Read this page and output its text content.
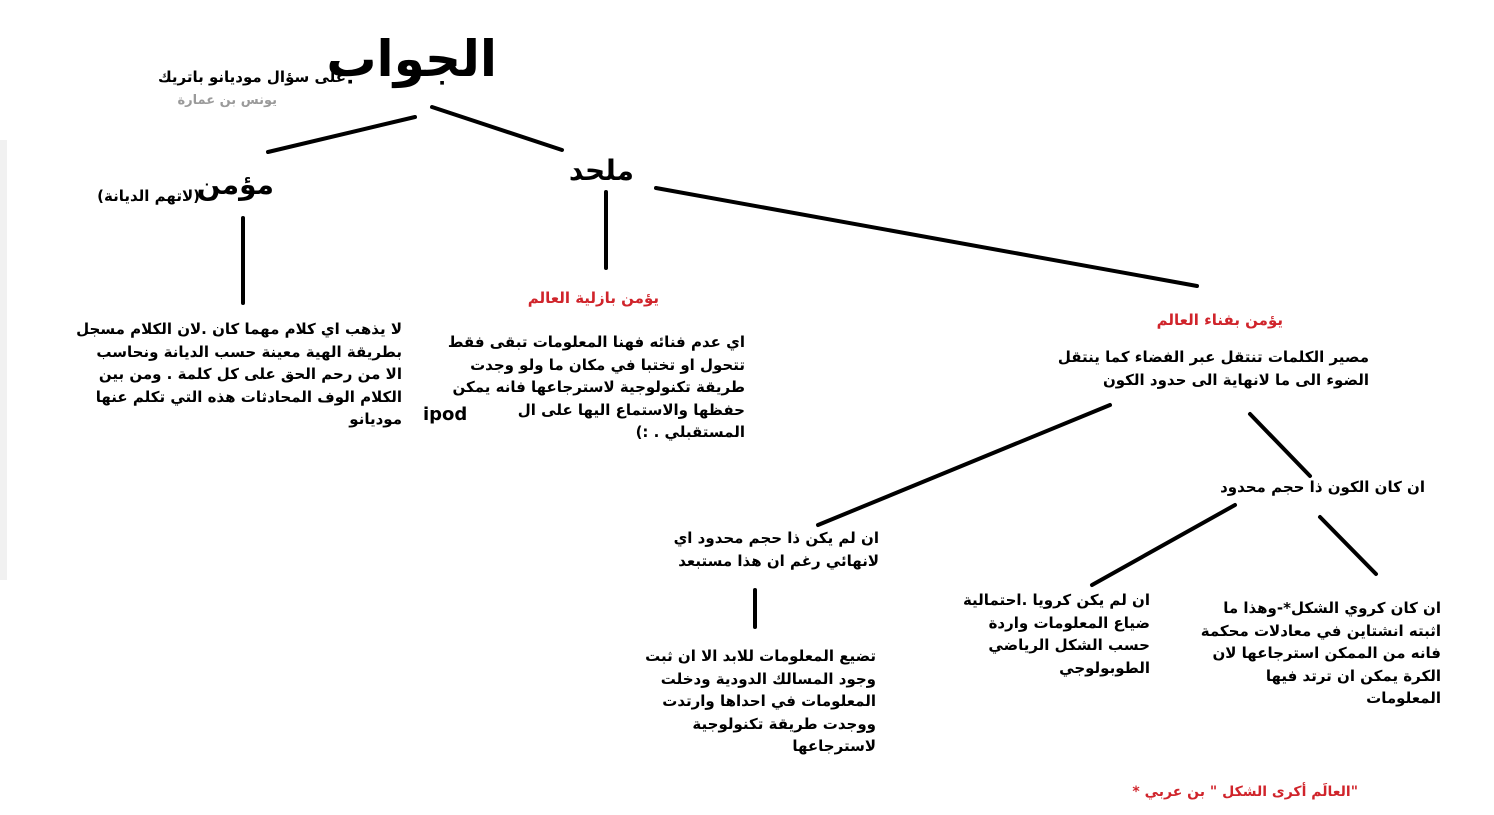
الجواب
على سؤال موديانو باتريك
يونس بن عمارة
مؤمن
(لاتهم الديانة)
ملحد
لا يذهب اي كلام مهما كان .لان الكلام مسجل
بطريقة الهية معينة حسب الديانة ونحاسب
الا من رحم الحق على كل كلمة . ومن بين
الكلام الوف المحادثات هذه التي تكلم عنها
موديانو
يؤمن بازلية العالم
اي عدم فنائه فهنا المعلومات تبقى فقط
تتحول او تختبا في مكان ما ولو وجدت
طريقة تكنولوجية لاسترجاعها فانه يمكن
حفظها والاستماع اليها على ال
المستقبلي . :)
ipod
يؤمن بفناء العالم
مصير الكلمات تنتقل عبر الفضاء كما ينتقل
الضوء الى ما لانهاية الى حدود الكون
ان كان الكون ذا حجم محدود
ان لم يكن ذا حجم محدود اي
لانهائي رغم ان هذا مستبعد
تضيع المعلومات للابد الا ان ثبت
وجود المسالك الدودية ودخلت
المعلومات في احداها وارتدت
ووجدت طريقة تكنولوجية
لاسترجاعها
ان لم يكن كرويا .احتمالية
ضياع المعلومات واردة
حسب الشكل الرياضي
الطوبولوجي
ان كان كروي الشكل*-وهذا ما
اثبته انشتاين في معادلات محكمة
فانه من الممكن استرجاعها لان
الكرة يمكن ان ترتد فيها
المعلومات
"العالَم أكرى الشكل " بن عربي *
